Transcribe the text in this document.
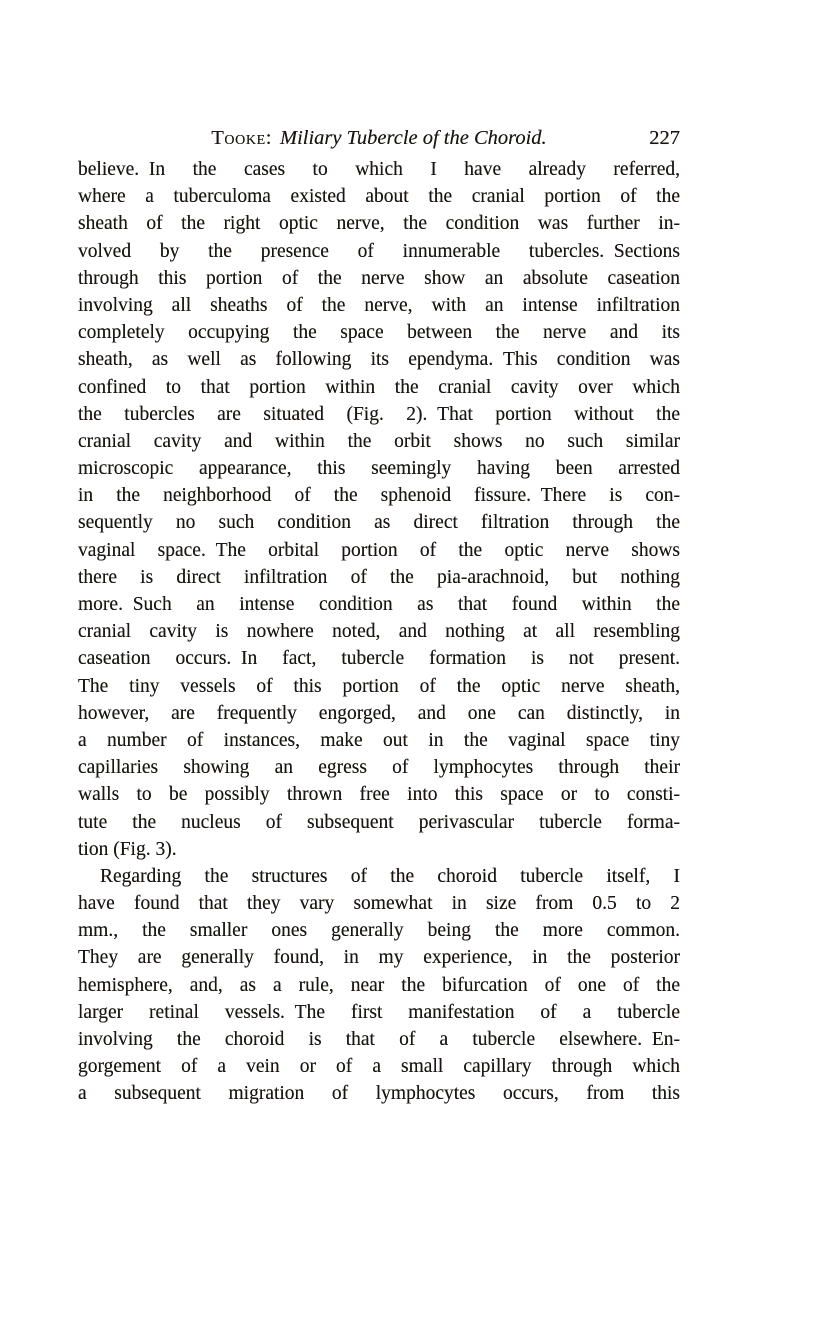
Tooke: Miliary Tubercle of the Choroid.	227
believe. In the cases to which I have already referred,
where a tuberculoma existed about the cranial portion of the
sheath of the right optic nerve, the condition was further in-
volved by the presence of innumerable tubercles. Sections
through this portion of the nerve show an absolute caseation
involving all sheaths of the nerve, with an intense infiltration
completely occupying the space between the nerve and its
sheath, as well as following its ependyma. This condition was
confined to that portion within the cranial cavity over which
the tubercles are situated (Fig. 2). That portion without the
cranial cavity and within the orbit shows no such similar
microscopic appearance, this seemingly having been arrested
in the neighborhood of the sphenoid fissure. There is con-
sequently no such condition as direct filtration through the
vaginal space. The orbital portion of the optic nerve shows
there is direct infiltration of the pia-arachnoid, but nothing
more. Such an intense condition as that found within the
cranial cavity is nowhere noted, and nothing at all resembling
caseation occurs. In fact, tubercle formation is not present.
The tiny vessels of this portion of the optic nerve sheath,
however, are frequently engorged, and one can distinctly, in
a number of instances, make out in the vaginal space tiny
capillaries showing an egress of lymphocytes through their
walls to be possibly thrown free into this space or to consti-
tute the nucleus of subsequent perivascular tubercle forma-
tion (Fig. 3).
Regarding the structures of the choroid tubercle itself, I
have found that they vary somewhat in size from 0.5 to 2
mm., the smaller ones generally being the more common.
They are generally found, in my experience, in the posterior
hemisphere, and, as a rule, near the bifurcation of one of the
larger retinal vessels. The first manifestation of a tubercle
involving the choroid is that of a tubercle elsewhere. En-
gorgement of a vein or of a small capillary through which
a subsequent migration of lymphocytes occurs, from this
